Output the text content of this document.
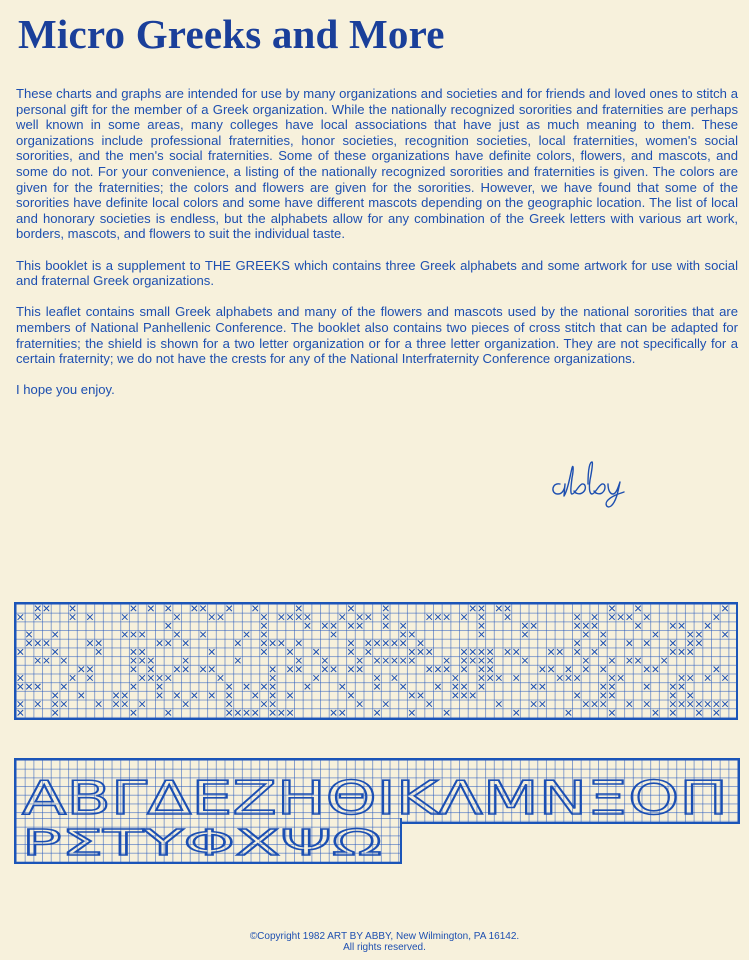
Micro Greeks and More

These charts and graphs are intended for use by many organizations and societies and for friends and loved ones to stitch a personal gift for the member of a Greek organization. While the nationally recognized sororities and fraternities are perhaps well known in some areas, many colleges have local associations that have just as much meaning to them. These organizations include professional fraternities, honor societies, recognition societies, local fraternities, women's social sororities, and the men's social fraternities. Some of these organizations have definite colors, flowers, and mascots, and some do not. For your convenience, a listing of the nationally recognized sororities and fraternities is given. The colors are given for the fraternities; the colors and flowers are given for the sororities. However, we have found that some of the sororities have definite local colors and some have different mascots depending on the geographic location. The list of local and honorary societies is endless, but the alphabets allow for any combination of the Greek letters with various art work, borders, mascots, and flowers to suit the individual taste.

This booklet is a supplement to THE GREEKS which contains three Greek alphabets and some artwork for use with social and fraternal Greek organizations.

This leaflet contains small Greek alphabets and many of the flowers and mascots used by the national sororities that are members of National Panhellenic Conference. The booklet also contains two pieces of cross stitch that can be adapted for fraternities; the shield is shown for a two letter organization or for a three letter organization. They are not specifically for a certain fraternity; we do not have the crests for any of the National Interfraternity Conference organizations.

I hope you enjoy.

ABΓΔEZHΘIKΛMNΞOΠ
PΣTYΦXΨΩ
©Copyright 1982 ART BY ABBY, New Wilmington, PA 16142.
All rights reserved.
